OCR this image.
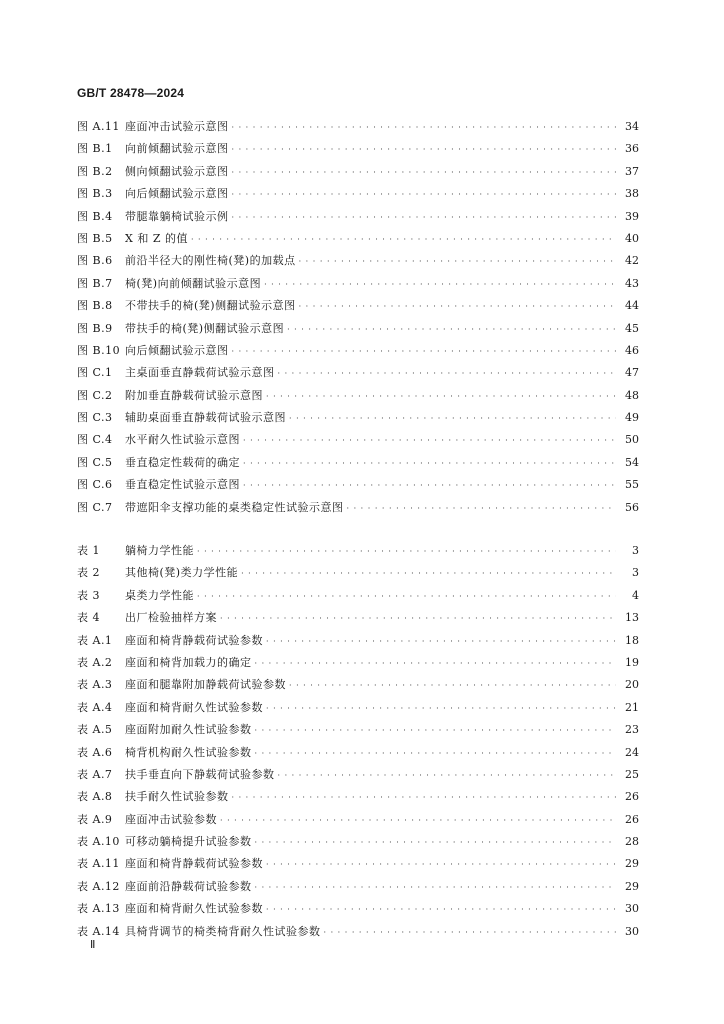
GB/T 28478—2024
图 A.11 座面冲击试验示意图 · · ·	34
图 B.1	向前倾翻试验示意图 · · ·	36
图 B.2	侧向倾翻试验示意图 · · ·	37
图 B.3	向后倾翻试验示意图 · · ·	38
图 B.4	带腿靠躺椅试验示例 · · ·	39
图 B.5	X 和 Z 的值 · · ·	40
图 B.6	前沿半径大的刚性椅(凳)的加载点 · · ·	42
图 B.7	椅(凳)向前倾翻试验示意图 · · ·	43
图 B.8	不带扶手的椅(凳)侧翻试验示意图 · · ·	44
图 B.9	带扶手的椅(凳)侧翻试验示意图 · · ·	45
图 B.10 向后倾翻试验示意图 · · ·	46
图 C.1	主桌面垂直静载荷试验示意图 · · ·	47
图 C.2	附加垂直静载荷试验示意图 · · ·	48
图 C.3	辅助桌面垂直静载荷试验示意图 · · ·	49
图 C.4	水平耐久性试验示意图 · · ·	50
图 C.5	垂直稳定性载荷的确定 · · ·	54
图 C.6	垂直稳定性试验示意图 · · ·	55
图 C.7	带遮阳伞支撑功能的桌类稳定性试验示意图 · · ·	56
表 1	躺椅力学性能 · · ·	3
表 2	其他椅(凳)类力学性能 · · ·	3
表 3	桌类力学性能 · · ·	4
表 4	出厂检验抽样方案 · · ·	13
表 A.1	座面和椅背静载荷试验参数 · · ·	18
表 A.2	座面和椅背加载力的确定 · · ·	19
表 A.3	座面和腿靠附加静载荷试验参数 · · ·	20
表 A.4	座面和椅背耐久性试验参数 · · ·	21
表 A.5	座面附加耐久性试验参数 · · ·	23
表 A.6	椅背机构耐久性试验参数 · · ·	24
表 A.7	扶手垂直向下静载荷试验参数 · · ·	25
表 A.8	扶手耐久性试验参数 · · ·	26
表 A.9	座面冲击试验参数 · · ·	26
表 A.10 可移动躺椅提升试验参数 · · ·	28
表 A.11 座面和椅背静载荷试验参数 · · ·	29
表 A.12 座面前沿静载荷试验参数 · · ·	29
表 A.13 座面和椅背耐久性试验参数 · · ·	30
表 A.14 具椅背调节的椅类椅背耐久性试验参数 · · ·	30
Ⅱ
